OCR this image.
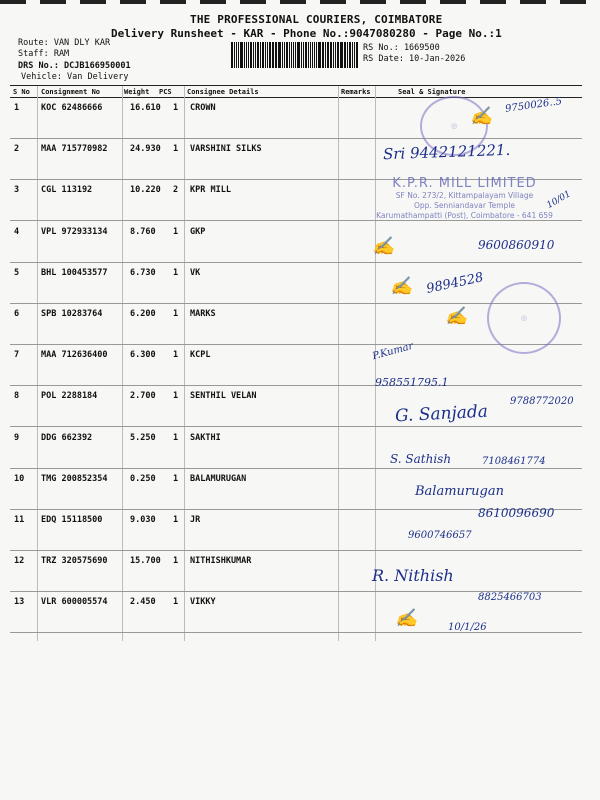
THE PROFESSIONAL COURIERS, COIMBATORE
Delivery Runsheet - KAR - Phone No.:9047080280 - Page No.:1
Route: VAN DLY KAR
Staff: RAM
DRS No.: DCJB166950001
Vehicle: Van Delivery
RS No.: 1669500
RS Date: 10-Jan-2026
S No Consignment No	Weight PCS Consignee Details	Remarks	Seal & Signature
1	KOC 62486666	16.610 1 CROWN
2	MAA 715770982	24.930 1 VARSHINI SILKS
3	CGL 113192	10.220 2 KPR MILL
4	VPL 972933134	8.760 1 GKP
5	BHL 100453577	6.730 1 VK
6	SPB 10283764	6.200 1 MARKS
7	MAA 712636400	6.300 1 KCPL
8	POL 2288184	2.700 1 SENTHIL VELAN
9	DDG 662392	5.250 1 SAKTHI
10 TMG 200852354	0.250 1 BALAMURUGAN
11 EDQ 15118500	9.030 1 JR
12 TRZ 320575690	15.700 1 NITHISHKUMAR
13 VLR 600005574	2.450 1 VIKKY
◎
◎
K.P.R. MILL LIMITED
SF No. 273/2, Kittampalayam Village
Opp. Senniandavar Temple
Karumathampatti (Post), Coimbatore - 641 659
✍
9750026..5
Sri 9442121221.
10/01
✍	9600860910
✍ 9894528
✍
P.Kumar
958551795.1
G. Sanjada
9788772020
S. Sathish	7108461774
Balamurugan
8610096690
9600746657
R. Nithish
8825466703
✍	10/1/26
